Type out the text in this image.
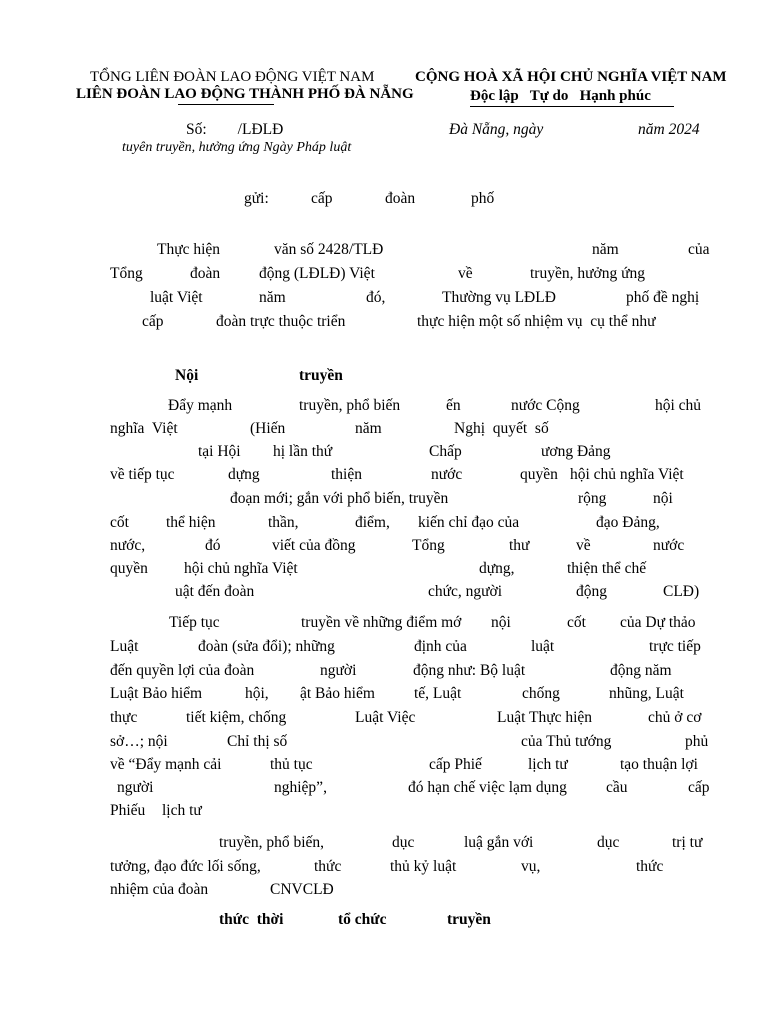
TỔNG LIÊN ĐOÀN LAO ĐỘNG VIỆT NAM
LIÊN ĐOÀN LAO ĐỘNG THÀNH PHỐ ĐÀ NẴNG
CỘNG HOÀ XÃ HỘI CHỦ NGHĨA VIỆT NAM
Độc lập   Tự do   Hạnh phúc
Số:        /LĐLĐ
tuyên truyền, hưởng ứng Ngày Pháp luật
Đà Nẵng, ngày	năm 2024
gửi:	cấp	đoàn	phố
Thực hiện	văn số 2428/TLĐ	năm	của
Tổng	đoàn	động (LĐLĐ) Việt	về	truyền, hưởng ứng
luật Việt	năm	đó,	Thường vụ LĐLĐ	phố đề nghị
cấp	đoàn trực thuộc triển	thực hiện một số nhiệm vụ  cụ thể như
Nội	truyền
Đẩy mạnh	truyền, phổ biến	ến	nước Cộng	hội chủ
nghĩa  Việt	(Hiến	năm	Nghị  quyết  số
tại Hội hị lần thứ	Chấp	ương Đảng
về tiếp tục	dựng	thiện	nước	quyền hội chủ nghĩa Việt
đoạn mới; gắn với phổ biến, truyền	rộng	nội
cốt thể hiện	thần,	điểm, kiến chỉ đạo của	đạo Đảng,
nước,	đó	viết của đồng	Tổng	thư	về	nước
quyền hội chủ nghĩa Việt	dựng,	thiện thể chế
uật đến đoàn	chức, người	động	CLĐ)
Tiếp tục	truyền về những điểm mớ nội	cốt của Dự thảo
Luật	đoàn (sửa đổi); những	định của	luật	trực tiếp
đến quyền lợi của đoàn	người	động như: Bộ luật	động năm
Luật Bảo hiểm	hội, ật Bảo hiểm	tế, Luật	chống	nhũng, Luật
thực	tiết kiệm, chống	Luật Việc	Luật Thực hiện	chủ ở cơ
sở…; nội	Chỉ thị số	của Thủ tướng	phủ
về “Đẩy mạnh cải	thủ tục	cấp Phiế	lịch tư	tạo thuận lợi
người	nghiệp”,	đó hạn chế việc lạm dụng	cầu	cấp
Phiếu lịch tư
truyền, phổ biến,	dục	luậ gắn với	dục	trị tư
tưởng, đạo đức lối sống,	thức	thủ kỷ luật	vụ,	thức
nhiệm của đoàn	CNVCLĐ
thức  thời	tổ chức	truyền
